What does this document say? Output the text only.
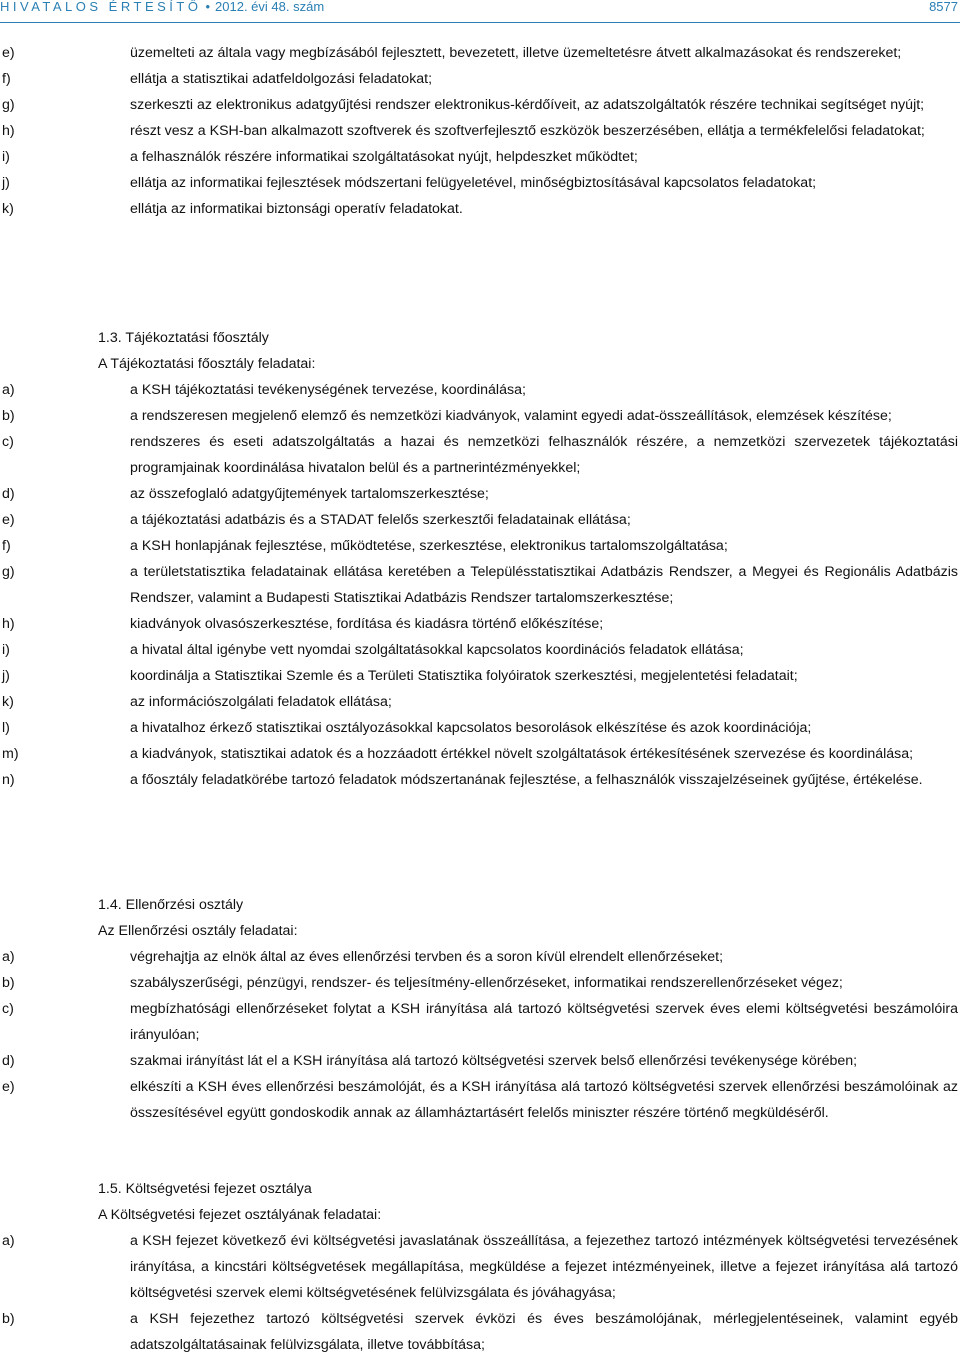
HIVATALOS ÉRTESÍTŐ • 2012. évi 48. szám	8577
e)	üzemelteti az általa vagy megbízásából fejlesztett, bevezetett, illetve üzemeltetésre átvett alkalmazásokat és rendszereket;
f)	ellátja a statisztikai adatfeldolgozási feladatokat;
g)	szerkeszti az elektronikus adatgyűjtési rendszer elektronikus-kérdőíveit, az adatszolgáltatók részére technikai segítséget nyújt;
h)	részt vesz a KSH-ban alkalmazott szoftverek és szoftverfejlesztő eszközök beszerzésében, ellátja a termékfelelősi feladatokat;
i)	a felhasználók részére informatikai szolgáltatásokat nyújt, helpdeszket működtet;
j)	ellátja az informatikai fejlesztések módszertani felügyeletével, minőségbiztosításával kapcsolatos feladatokat;
k)	ellátja az informatikai biztonsági operatív feladatokat.
1.3. Tájékoztatási főosztály
A Tájékoztatási főosztály feladatai:
a)	a KSH tájékoztatási tevékenységének tervezése, koordinálása;
b)	a rendszeresen megjelenő elemző és nemzetközi kiadványok, valamint egyedi adat-összeállítások, elemzések készítése;
c)	rendszeres és eseti adatszolgáltatás a hazai és nemzetközi felhasználók részére, a nemzetközi szervezetek tájékoztatási programjainak koordinálása hivatalon belül és a partnerintézményekkel;
d)	az összefoglaló adatgyűjtemények tartalomszerkesztése;
e)	a tájékoztatási adatbázis és a STADAT felelős szerkesztői feladatainak ellátása;
f)	a KSH honlapjának fejlesztése, működtetése, szerkesztése, elektronikus tartalomszolgáltatása;
g)	a területstatisztika feladatainak ellátása keretében a Településstatisztikai Adatbázis Rendszer, a Megyei és Regionális Adatbázis Rendszer, valamint a Budapesti Statisztikai Adatbázis Rendszer tartalomszerkesztése;
h)	kiadványok olvasószerkesztése, fordítása és kiadásra történő előkészítése;
i)	a hivatal által igénybe vett nyomdai szolgáltatásokkal kapcsolatos koordinációs feladatok ellátása;
j)	koordinálja a Statisztikai Szemle és a Területi Statisztika folyóiratok szerkesztési, megjelentetési feladatait;
k)	az információszolgálati feladatok ellátása;
l)	a hivatalhoz érkező statisztikai osztályozásokkal kapcsolatos besorolások elkészítése és azok koordinációja;
m)	a kiadványok, statisztikai adatok és a hozzáadott értékkel növelt szolgáltatások értékesítésének szervezése és koordinálása;
n)	a főosztály feladatkörébe tartozó feladatok módszertanának fejlesztése, a felhasználók visszajelzéseinek gyűjtése, értékelése.
1.4. Ellenőrzési osztály
Az Ellenőrzési osztály feladatai:
a)	végrehajtja az elnök által az éves ellenőrzési tervben és a soron kívül elrendelt ellenőrzéseket;
b)	szabályszerűségi, pénzügyi, rendszer- és teljesítmény-ellenőrzéseket, informatikai rendszerellenőrzéseket végez;
c)	megbízhatósági ellenőrzéseket folytat a KSH irányítása alá tartozó költségvetési szervek éves elemi költségvetési beszámolóira irányulóan;
d)	szakmai irányítást lát el a KSH irányítása alá tartozó költségvetési szervek belső ellenőrzési tevékenysége körében;
e)	elkészíti a KSH éves ellenőrzési beszámolóját, és a KSH irányítása alá tartozó költségvetési szervek ellenőrzési beszámolóinak az összesítésével együtt gondoskodik annak az államháztartásért felelős miniszter részére történő megküldéséről.
1.5. Költségvetési fejezet osztálya
A Költségvetési fejezet osztályának feladatai:
a)	a KSH fejezet következő évi költségvetési javaslatának összeállítása, a fejezethez tartozó intézmények költségvetési tervezésének irányítása, a kincstári költségvetések megállapítása, megküldése a fejezet intézményeinek, illetve a fejezet irányítása alá tartozó költségvetési szervek elemi költségvetésének felülvizsgálata és jóváhagyása;
b)	a KSH fejezethez tartozó költségvetési szervek évközi és éves beszámolójának, mérlegjelentéseinek, valamint egyéb adatszolgáltatásainak felülvizsgálata, illetve továbbítása;
